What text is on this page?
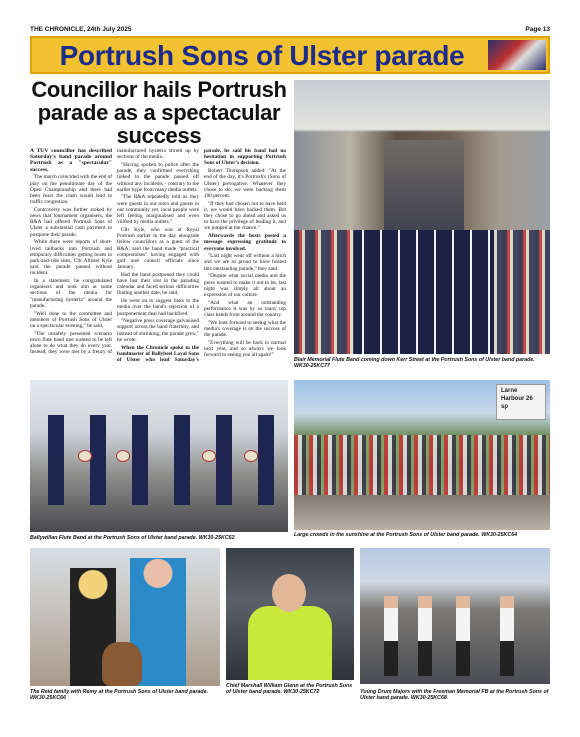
THE CHRONICLE, 24th July 2025	Page 13
Portrush Sons of Ulster parade
Councillor hails Portrush parade as a spectacular success

A TUV councillor has described Saturday's band parade around Portrush as a "spectacular" success.

The march coincided with the end of play on the penultimate day of the Open Championship and there had been fears the clash would lead to traffic congestion.

Controversy was further stoked by news that tournament organisers, the R&A had offered Portrush Sons of Ulster a substantial cash payment to postpone their parade.

While there were reports of short-lived tailbacks into Portrush and temporary difficulties getting buses to park-and-ride sites, Cllr Allister Kyle said the parade passed without incident.

In a statement, he congratulated organisers and took aim at some sections of the media for "manufacturing hysteria" around the parade.

"Well done to the committee and members of Portrush Sons of Ulster on a spectacular evening," he said.

"The unsafely presented scenario town flute band met wanted to be left alone to do what they do every year. Instead, they were met by a frenzy of manufactured hysteria stirred up by sections of the media.

"Having spoken to police after the parade, they confirmed everything linked to the parade passed off without any incidents - contrary to the earlier hype from many media outlets.

"The R&A repeatedly told us they were guests in our town and guests in our community yet, local people were left feeling marginalised and even vilified by media outlets."

Cllr Kyle, who was at Royal Portrush earlier in the day alongside fellow councillors as a guest of the R&A, said the band made "practical compromises" having engaged with golf and council officials since January.

Had the band postponed they could have lost their slot in the parading calendar and faced serious difficulties finding another date, he said.

He went on to suggest links to the media over the band's rejection of a postponement deal had backfired.

"Negative press coverage galvanised support across the band fraternity, and instead of shrinking, the parade grew," he wrote.

When the Chronicle spoke to the bandmaster of Ballybeel Loyal Sons of Ulster who lead Saturday's parade, he said his band had no hesitation in supporting Portrush Sons of Ulster's decision.

Robert Thompson added: "At the end of the day, it's Portrush's (Sons of Ulster) prerogative. Whatever they chose to do, we were backing them 100 percent.

"If they had chosen not to have held it, we would have backed them. But they chose to go ahead and asked us to have the privilege of leading it, and we jumped at the chance."

Afterwards the hosts posted a message expressing gratitude to everyone involved.

"Last night went off without a hitch and we are so proud to have hosted this outstanding parade," they said.

"Despite what social media and the press wanted to make it out to be, last night was simply all about an expression of our culture.

"And what an outstanding performance it was by so many top class bands from around the country.

"We look forward to seeing what the media's coverage is on the success of the parade.

"Everything will be back to normal next year, and so always we look forward to seeing you all again!"

Blair Memorial Flute Band coming down Kerr Street at the Portrush Sons of Ulster band parade. WK30-25KC77
Ballywillan Flute Band at the Portrush Sons of Ulster band parade. WK30-25KC62
Larne Harbour 26 sp
Large crowds in the sunshine at the Portrush Sons of Ulster band parade. WK30-25KC64
The Reid family with Remy at the Portrush Sons of Ulster band parade. WK30-25KC66
Chief Marshall William Glenn at the Portrush Sons of Ulster band parade. WK30-25KC72	Young Drum Majors with the Freeman Memorial FB at the Portrush Sons of Ulster band parade. WK30-25KC68
